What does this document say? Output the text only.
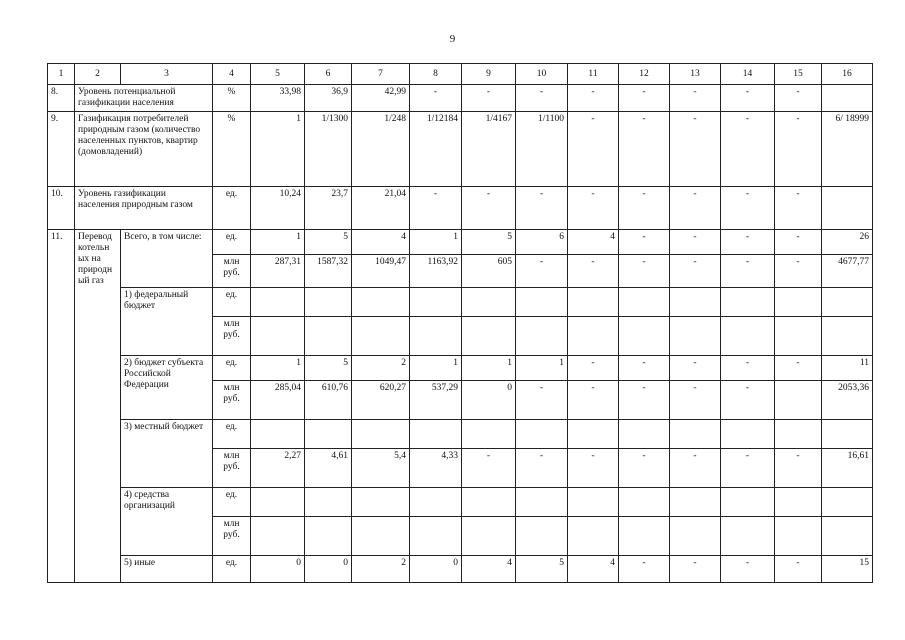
9
1	2	3	4	5	6	7	8	9	10	11	12	13	14	15	16
8.	Уровень потенциальной газификации населения		%	33,98	36,9	42,99	-	-	-	-	-	-	-	-	
9.	Газификация потребителей природным газом (количество населенных пунктов, квартир (домовладений)		%	1	1/1300	1/248	1/12184	1/4167	1/1100	-	-	-	-	-	6/ 18999
10.	Уровень газификации населения природным газом		ед.	10,24	23,7	21,04	-	-	-	-	-	-	-	-	
11.	Перевод котельн ых на природн ый газ	Всего, в том числе:	ед.	1	5	4	1	5	6	4	-	-	-	-	26
			млн руб.	287,31	1587,32	1049,47	1163,92	605	-	-	-	-	-	-	4677,77
		1) федеральный бюджет	ед.												
			млн руб.												
		2) бюджет субъекта Российской Федерации	ед.	1	5	2	1	1	1	-	-	-	-	-	11
			млн руб.	285,04	610,76	620,27	537,29	0	-	-	-	-	-		2053,36
		3) местный бюджет	ед.												
			млн руб.	2,27	4,61	5,4	4,33	-	-	-	-	-	-	-	16,61
		4) средства организаций	ед.												
			млн руб.												
		5) иные	ед.	0	0	2	0	4	5	4	-	-	-	-	15
